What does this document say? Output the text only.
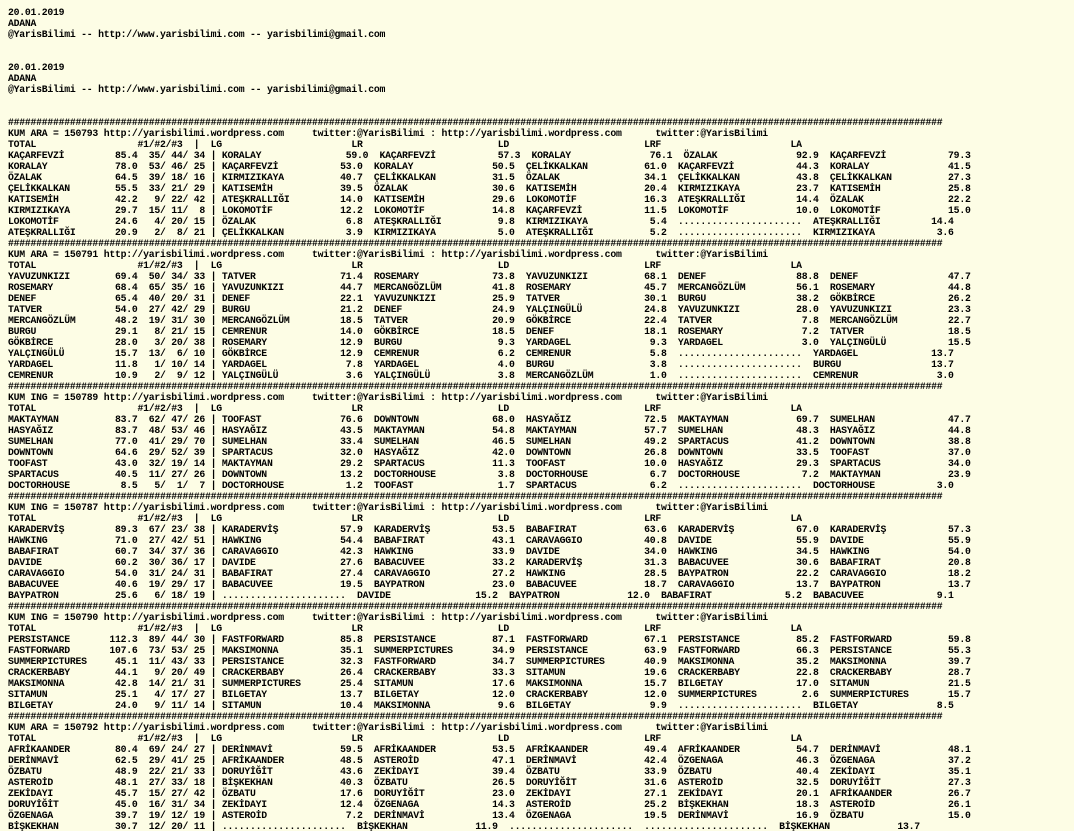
20.01.2019
ADANA
@YarisBilimi -- http://www.yarisbilimi.com -- yarisbilimi@gmail.com
20.01.2019
ADANA
@YarisBilimi -- http://www.yarisbilimi.com -- yarisbilimi@gmail.com
######################################################################################################################################################################
KUM ARA = 150793 http://yarisbilimi.wordpress.com     twitter:@YarisBilimi : http://yarisbilimi.wordpress.com      twitter:@YarisBilimi
TOTAL                  #1/#2/#3  |  LG                       LR                        LD                        LRF                       LA
KAÇARFEVZİ         85.4  35/ 44/ 34 | KORALAY               59.0  KAÇARFEVZİ           57.3  KORALAY              76.1  ÖZALAK              92.9  KAÇARFEVZİ           79.3
KORALAY            78.0  53/ 46/ 25 | KAÇARFEVZİ           53.0  KORALAY              50.5  ÇELİKKALKAN          61.0  KAÇARFEVZİ           44.3  KORALAY              41.5
ÖZALAK             64.5  39/ 18/ 16 | KIRMIZIKAYA          40.7  ÇELİKKALKAN          31.5  ÖZALAK               34.1  ÇELİKKALKAN          43.8  ÇELİKKALKAN          27.3
ÇELİKKALKAN        55.5  33/ 21/ 29 | KATISEMİH            39.5  ÖZALAK               30.6  KATISEMİH            20.4  KIRMIZIKAYA          23.7  KATISEMİH            25.8
KATISEMİH          42.2   9/ 22/ 42 | ATEŞKRALLIĞI         14.0  KATISEMİH            29.6  LOKOMOTİF            16.3  ATEŞKRALLIĞI         14.4  ÖZALAK               22.2
KIRMIZIKAYA        29.7  15/ 11/  8 | LOKOMOTİF            12.2  LOKOMOTİF            14.8  KAÇARFEVZİ           11.5  LOKOMOTİF            10.0  LOKOMOTİF            15.0
LOKOMOTİF          24.6   4/ 20/ 15 | ÖZALAK                6.8  ATEŞKRALLIĞI          9.8  KIRMIZIKAYA           5.4  ......................  ATEŞKRALLIĞI         14.4
ATEŞKRALLIĞI       20.9   2/  8/ 21 | ÇELİKKALKAN           3.9  KIRMIZIKAYA           5.0  ATEŞKRALLIĞI          5.2  ......................  KIRMIZIKAYA           3.6
######################################################################################################################################################################
KUM ARA = 150791 http://yarisbilimi.wordpress.com     twitter:@YarisBilimi : http://yarisbilimi.wordpress.com      twitter:@YarisBilimi
TOTAL                  #1/#2/#3  |  LG                       LR                        LD                        LRF                       LA
YAVUZUNKIZI        69.4  50/ 34/ 33 | TATVER               71.4  ROSEMARY             73.8  YAVUZUNKIZI          68.1  DENEF                88.8  DENEF                47.7
ROSEMARY           68.4  65/ 35/ 16 | YAVUZUNKIZI          44.7  MERCANGÖZLÜM         41.8  ROSEMARY             45.7  MERCANGÖZLÜM         56.1  ROSEMARY             44.8
DENEF              65.4  40/ 20/ 31 | DENEF                22.1  YAVUZUNKIZI          25.9  TATVER               30.1  BURGU                38.2  GÖKBİRCE             26.2
TATVER             54.0  27/ 42/ 29 | BURGU                21.2  DENEF                24.9  YALÇINGÜLÜ           24.8  YAVUZUNKIZI          28.0  YAVUZUNKIZI          23.3
MERCANGÖZLÜM       48.2  19/ 31/ 30 | MERCANGÖZLÜM         18.5  TATVER               20.9  GÖKBİRCE             22.4  TATVER                7.8  MERCANGÖZLÜM         22.7
BURGU              29.1   8/ 21/ 15 | CEMRENUR             14.0  GÖKBİRCE             18.5  DENEF                18.1  ROSEMARY              7.2  TATVER               18.5
GÖKBİRCE           28.0   3/ 20/ 38 | ROSEMARY             12.9  BURGU                 9.3  YARDAGEL              9.3  YARDAGEL              3.0  YALÇINGÜLÜ           15.5
YALÇINGÜLÜ         15.7  13/  6/ 10 | GÖKBİRCE             12.9  CEMRENUR              6.2  CEMRENUR              5.8  ......................  YARDAGEL             13.7
YARDAGEL           11.8   1/ 10/ 14 | YARDAGEL              7.8  YARDAGEL              4.0  BURGU                 3.8  ......................  BURGU                13.7
CEMRENUR           10.9   2/  9/ 12 | YALÇINGÜLÜ            3.6  YALÇINGÜLÜ            3.8  MERCANGÖZLÜM          1.0  ......................  CEMRENUR              3.0
######################################################################################################################################################################
KUM ING = 150789 http://yarisbilimi.wordpress.com     twitter:@YarisBilimi : http://yarisbilimi.wordpress.com      twitter:@YarisBilimi
TOTAL                  #1/#2/#3  |  LG                       LR                        LD                        LRF                       LA
MAKTAYMAN          83.7  62/ 47/ 26 | TOOFAST              76.6  DOWNTOWN             68.0  HASYAĞIZ             72.5  MAKTAYMAN            69.7  SUMELHAN             47.7
HASYAĞIZ           83.7  48/ 53/ 46 | HASYAĞIZ             43.5  MAKTAYMAN            54.8  MAKTAYMAN            57.7  SUMELHAN             48.3  HASYAĞIZ             44.8
SUMELHAN           77.0  41/ 29/ 70 | SUMELHAN             33.4  SUMELHAN             46.5  SUMELHAN             49.2  SPARTACUS            41.2  DOWNTOWN             38.8
DOWNTOWN           64.6  29/ 52/ 39 | SPARTACUS            32.0  HASYAĞIZ             42.0  DOWNTOWN             26.8  DOWNTOWN             33.5  TOOFAST              37.0
TOOFAST            43.0  32/ 19/ 14 | MAKTAYMAN            29.2  SPARTACUS            11.3  TOOFAST              10.0  HASYAĞIZ             29.3  SPARTACUS            34.0
SPARTACUS          40.5  11/ 27/ 26 | DOWNTOWN             13.2  DOCTORHOUSE           3.8  DOCTORHOUSE           6.7  DOCTORHOUSE           7.2  MAKTAYMAN            23.9
DOCTORHOUSE         8.5   5/  1/  7 | DOCTORHOUSE           1.2  TOOFAST               1.7  SPARTACUS             6.2  ......................  DOCTORHOUSE           3.0
######################################################################################################################################################################
KUM ING = 150787 http://yarisbilimi.wordpress.com     twitter:@YarisBilimi : http://yarisbilimi.wordpress.com      twitter:@YarisBilimi
TOTAL                  #1/#2/#3  |  LG                       LR                        LD                        LRF                       LA
KARADERVİŞ         89.3  67/ 23/ 38 | KARADERVİŞ           57.9  KARADERVİŞ           53.5  BABAFIRAT            63.6  KARADERVİŞ           67.0  KARADERVİŞ           57.3
HAWKING            71.0  27/ 42/ 51 | HAWKING              54.4  BABAFIRAT            43.1  CARAVAGGIO           40.8  DAVIDE               55.9  DAVIDE               55.9
BABAFIRAT          60.7  34/ 37/ 36 | CARAVAGGIO           42.3  HAWKING              33.9  DAVIDE               34.0  HAWKING              34.5  HAWKING              54.0
DAVIDE             60.2  30/ 36/ 17 | DAVIDE               27.6  BABACUVEE            33.2  KARADERVİŞ           31.3  BABACUVEE            30.6  BABAFIRAT            20.8
CARAVAGGIO         54.0  31/ 24/ 31 | BABAFIRAT            27.4  CARAVAGGIO           27.2  HAWKING              28.5  BAYPATRON            22.2  CARAVAGGIO           18.2
BABACUVEE          40.6  19/ 29/ 17 | BABACUVEE            19.5  BAYPATRON            23.0  BABACUVEE            18.7  CARAVAGGIO           13.7  BAYPATRON            13.7
BAYPATRON          25.6   6/ 18/ 19 | ......................  DAVIDE               15.2  BAYPATRON            12.0  BABAFIRAT             5.2  BABACUVEE             9.1
######################################################################################################################################################################
KUM ING = 150790 http://yarisbilimi.wordpress.com     twitter:@YarisBilimi : http://yarisbilimi.wordpress.com      twitter:@YarisBilimi
TOTAL                  #1/#2/#3  |  LG                       LR                        LD                        LRF                       LA
PERSISTANCE       112.3  89/ 44/ 30 | FASTFORWARD          85.8  PERSISTANCE          87.1  FASTFORWARD          67.1  PERSISTANCE          85.2  FASTFORWARD          59.8
FASTFORWARD       107.6  73/ 53/ 25 | MAKSIMONNA           35.1  SUMMERPICTURES       34.9  PERSISTANCE          63.9  FASTFORWARD          66.3  PERSISTANCE          55.3
SUMMERPICTURES     45.1  11/ 43/ 33 | PERSISTANCE          32.3  FASTFORWARD          34.7  SUMMERPICTURES       40.9  MAKSIMONNA           35.2  MAKSIMONNA           39.7
CRACKERBABY        44.1   9/ 20/ 49 | CRACKERBABY          26.4  CRACKERBABY          33.3  SITAMUN              19.6  CRACKERBABY          22.8  CRACKERBABY          28.7
MAKSIMONNA         42.8  14/ 21/ 31 | SUMMERPICTURES       25.4  SITAMUN              17.6  MAKSIMONNA           15.7  BILGETAY             17.0  SITAMUN              21.5
SITAMUN            25.1   4/ 17/ 27 | BILGETAY             13.7  BILGETAY             12.0  CRACKERBABY          12.0  SUMMERPICTURES        2.6  SUMMERPICTURES       15.7
BILGETAY           24.0   9/ 11/ 14 | SITAMUN              10.4  MAKSIMONNA            9.6  BILGETAY              9.9  ......................  BILGETAY              8.5
######################################################################################################################################################################
KUM ARA = 150792 http://yarisbilimi.wordpress.com     twitter:@YarisBilimi : http://yarisbilimi.wordpress.com      twitter:@YarisBilimi
TOTAL                  #1/#2/#3  |  LG                       LR                        LD                        LRF                       LA
AFRİKAANDER        80.4  69/ 24/ 27 | DERİNMAVİ            59.5  AFRİKAANDER          53.5  AFRİKAANDER          49.4  AFRİKAANDER          54.7  DERİNMAVİ            48.1
DERİNMAVİ          62.5  29/ 41/ 25 | AFRİKAANDER          48.5  ASTEROİD             47.1  DERİNMAVİ            42.4  ÖZGENAGA             46.3  ÖZGENAGA             37.2
ÖZBATU             48.9  22/ 21/ 33 | DORUYİĞİT            43.6  ZEKİDAYI             39.4  ÖZBATU               33.9  ÖZBATU               40.4  ZEKİDAYI             35.1
ASTEROİD           48.1  27/ 33/ 18 | BİŞKEKHAN            40.3  ÖZBATU               26.5  DORUYİĞİT            31.6  ASTEROİD             32.5  DORUYİĞİT            27.3
ZEKİDAYI           45.7  15/ 27/ 42 | ÖZBATU               17.6  DORUYİĞİT            23.0  ZEKİDAYI             27.1  ZEKİDAYI             20.1  AFRİKAANDER          26.7
DORUYİĞİT          45.0  16/ 31/ 34 | ZEKİDAYI             12.4  ÖZGENAGA             14.3  ASTEROİD             25.2  BİŞKEKHAN            18.3  ASTEROİD             26.1
ÖZGENAGA           39.7  19/ 12/ 19 | ASTEROİD              7.2  DERİNMAVİ            13.4  ÖZGENAGA             19.5  DERİNMAVİ            16.9  ÖZBATU               15.0
BİŞKEKHAN          30.7  12/ 20/ 11 | ......................  BİŞKEKHAN            11.9  ......................  ......................  BİŞKEKHAN            13.7
